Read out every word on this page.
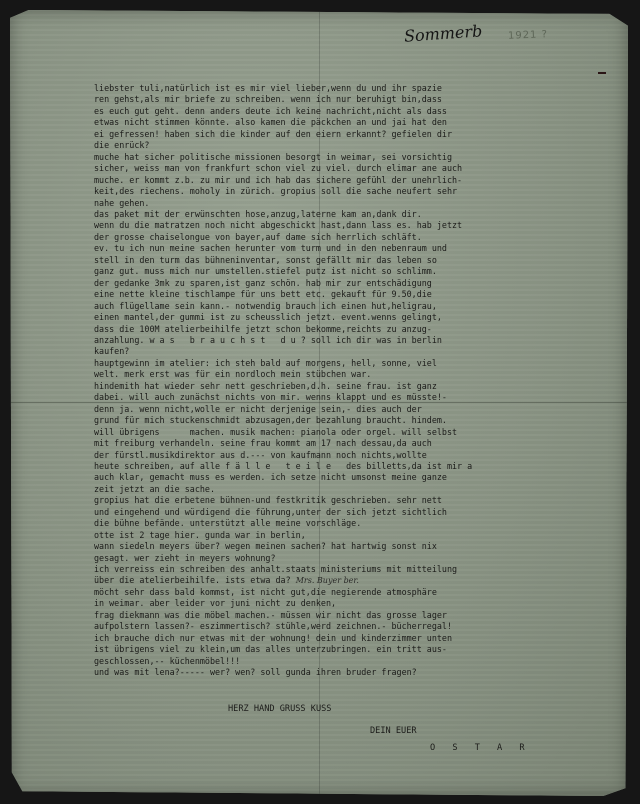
Sommerb 1921 ?
liebster tuli,natürlich ist es mir viel lieber,wenn du und ihr spazie
ren gehst,als mir briefe zu schreiben. wenn ich nur beruhigt bin,dass
es euch gut geht. denn anders deute ich keine nachricht,nicht als dass
etwas nicht stimmen könnte. also kamen die päckchen an und jai hat den
ei gefressen! haben sich die kinder auf den eiern erkannt? gefielen dir
die enrück?
muche hat sicher politische missionen besorgt in weimar, sei vorsichtig
sicher, weiss man von frankfurt schon viel zu viel. durch elimar ane auch
muche. er kommt z.b. zu mir und ich hab das sichere gefühl der unehrlich-
keit,des riechens. moholy in zürich. gropius soll die sache neufert sehr
nahe gehen.
das paket mit der erwünschten hose,anzug,laterne kam an,dank dir.
wenn du die matratzen noch nicht abgeschickt hast,dann lass es. hab jetzt
der grosse chaiselongue von bayer,auf dame sich herrlich schläft.
ev. tu ich nun meine sachen herunter vom turm und in den nebenraum und
stell in den turm das bühneninventar, sonst gefällt mir das leben so
ganz gut. muss mich nur umstellen.stiefel putz ist nicht so schlimm.
der gedanke 3mk zu sparen,ist ganz schön. hab mir zur entschädigung
eine nette kleine tischlampe für uns bett etc. gekauft für 9.50,die
auch flügellame sein kann.- notwendig brauch ich einen hut,heligrau,
einen mantel,der gummi ist zu scheusslich jetzt. event.wenns gelingt,
dass die 100M atelierbeihilfe jetzt schon bekomme,reichts zu anzug-
anzahlung. w a s   b r a u c h s t   d u ? soll ich dir was in berlin
kaufen?
hauptgewinn im atelier: ich steh bald auf morgens, hell, sonne, viel
welt. merk erst was für ein nordloch mein stübchen war.
hindemith hat wieder sehr nett geschrieben,d.h. seine frau. ist ganz
dabei. will auch zunächst nichts von mir. wenns klappt und es müsste!-
denn ja. wenn nicht,wolle er nicht derjenige sein,- dies auch der
grund für mich stuckenschmidt abzusagen,der bezahlung braucht. hindem.
will übrigens      machen. musik machen: pianola oder orgel. will selbst
mit freiburg verhandeln. seine frau kommt am 17 nach dessau,da auch
der fürstl.musikdirektor aus d.--- von kaufmann noch nichts,wollte
heute schreiben, auf alle f ä l l e   t e i l e   des billetts,da ist mir a
auch klar, gemacht muss es werden. ich setze nicht umsonst meine ganze
zeit jetzt an die sache.
gropius hat die erbetene bühnen-und festkritik geschrieben. sehr nett
und eingehend und würdigend die führung,unter der sich jetzt sichtlich
die bühne befände. unterstützt alle meine vorschläge.
otte ist 2 tage hier. gunda war in berlin,
wann siedeln meyers über? wegen meinen sachen? hat hartwig sonst nix
gesagt. wer zieht in meyers wohnung?
ich verreiss ein schreiben des anhalt.staats ministeriums mit mitteilung
über die atelierbeihilfe. ists etwa da? Mrs. Buyer ber.
möcht sehr dass bald kommst, ist nicht gut,die negierende atmosphäre
in weimar. aber leider vor juni nicht zu denken,
frag diekmann was die möbel machen.- müssen wir nicht das grosse lager
aufpolstern lassen?- eszimmertisch? stühle,werd zeichnen.- bücherregal!
ich brauche dich nur etwas mit der wohnung! dein und kinderzimmer unten
ist übrigens viel zu klein,um das alles unterzubringen. ein tritt aus-
geschlossen,-- küchenmöbel!!!
und was mit lena?----- wer? wen? soll gunda ihren bruder fragen?
HERZ HAND GRUSS KUSS
DEIN EUER
O S T A R
